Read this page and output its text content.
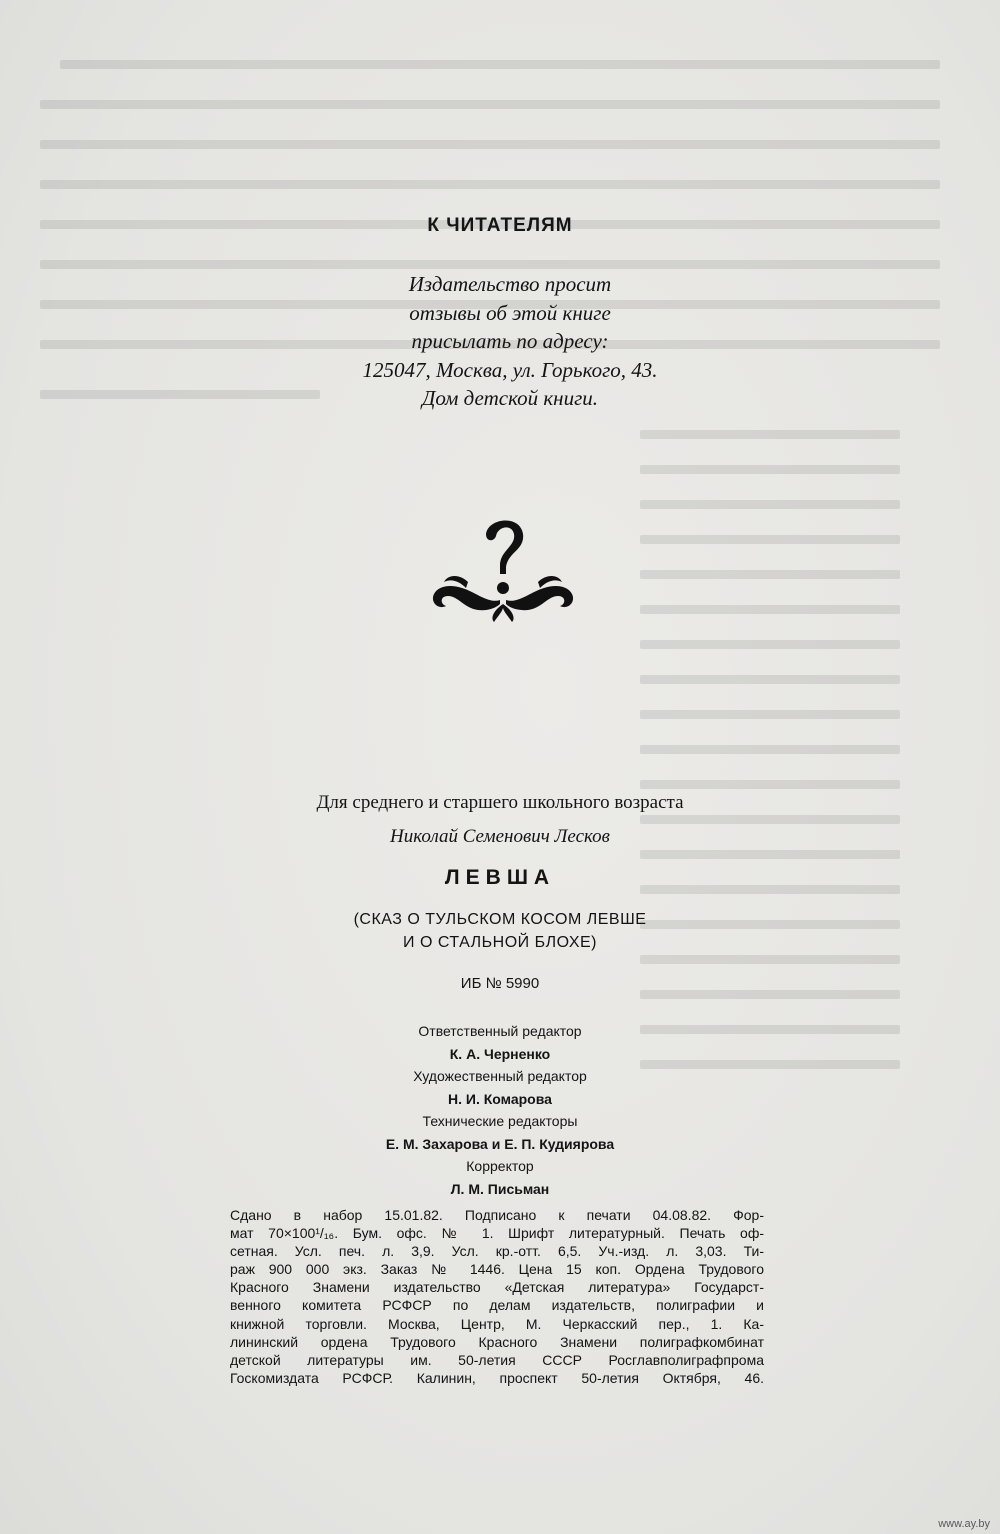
К ЧИТАТЕЛЯМ
Издательство просит
отзывы об этой книге
присылать по адресу:
125047, Москва, ул. Горького, 43.
Дом детской книги.
Для среднего и старшего школьного возраста
Николай Семенович Лесков
ЛЕВША
(СКАЗ О ТУЛЬСКОМ КОСОМ ЛЕВШЕ
И О СТАЛЬНОЙ БЛОХЕ)
ИБ № 5990
Ответственный редактор
К. А. Черненко
Художественный редактор
Н. И. Комарова
Технические редакторы
Е. М. Захарова и Е. П. Кудиярова
Корректор
Л. М. Письман
Сдано в набор 15.01.82. Подписано к печати 04.08.82. Фор-
мат 70×100¹/₁₆. Бум. офс. № 1. Шрифт литературный. Печать оф-
сетная. Усл. печ. л. 3,9. Усл. кр.-отт. 6,5. Уч.-изд. л. 3,03. Ти-
раж 900 000 экз. Заказ № 1446. Цена 15 коп. Ордена Трудового
Красного Знамени издательство «Детская литература» Государст-
венного комитета РСФСР по делам издательств, полиграфии и
книжной торговли. Москва, Центр, М. Черкасский пер., 1. Ка-
лининский ордена Трудового Красного Знамени полиграфкомбинат
детской литературы им. 50-летия СССР Росглавполиграфпрома
Госкомиздата РСФСР. Калинин, проспект 50-летия Октября, 46.
www.ay.by
